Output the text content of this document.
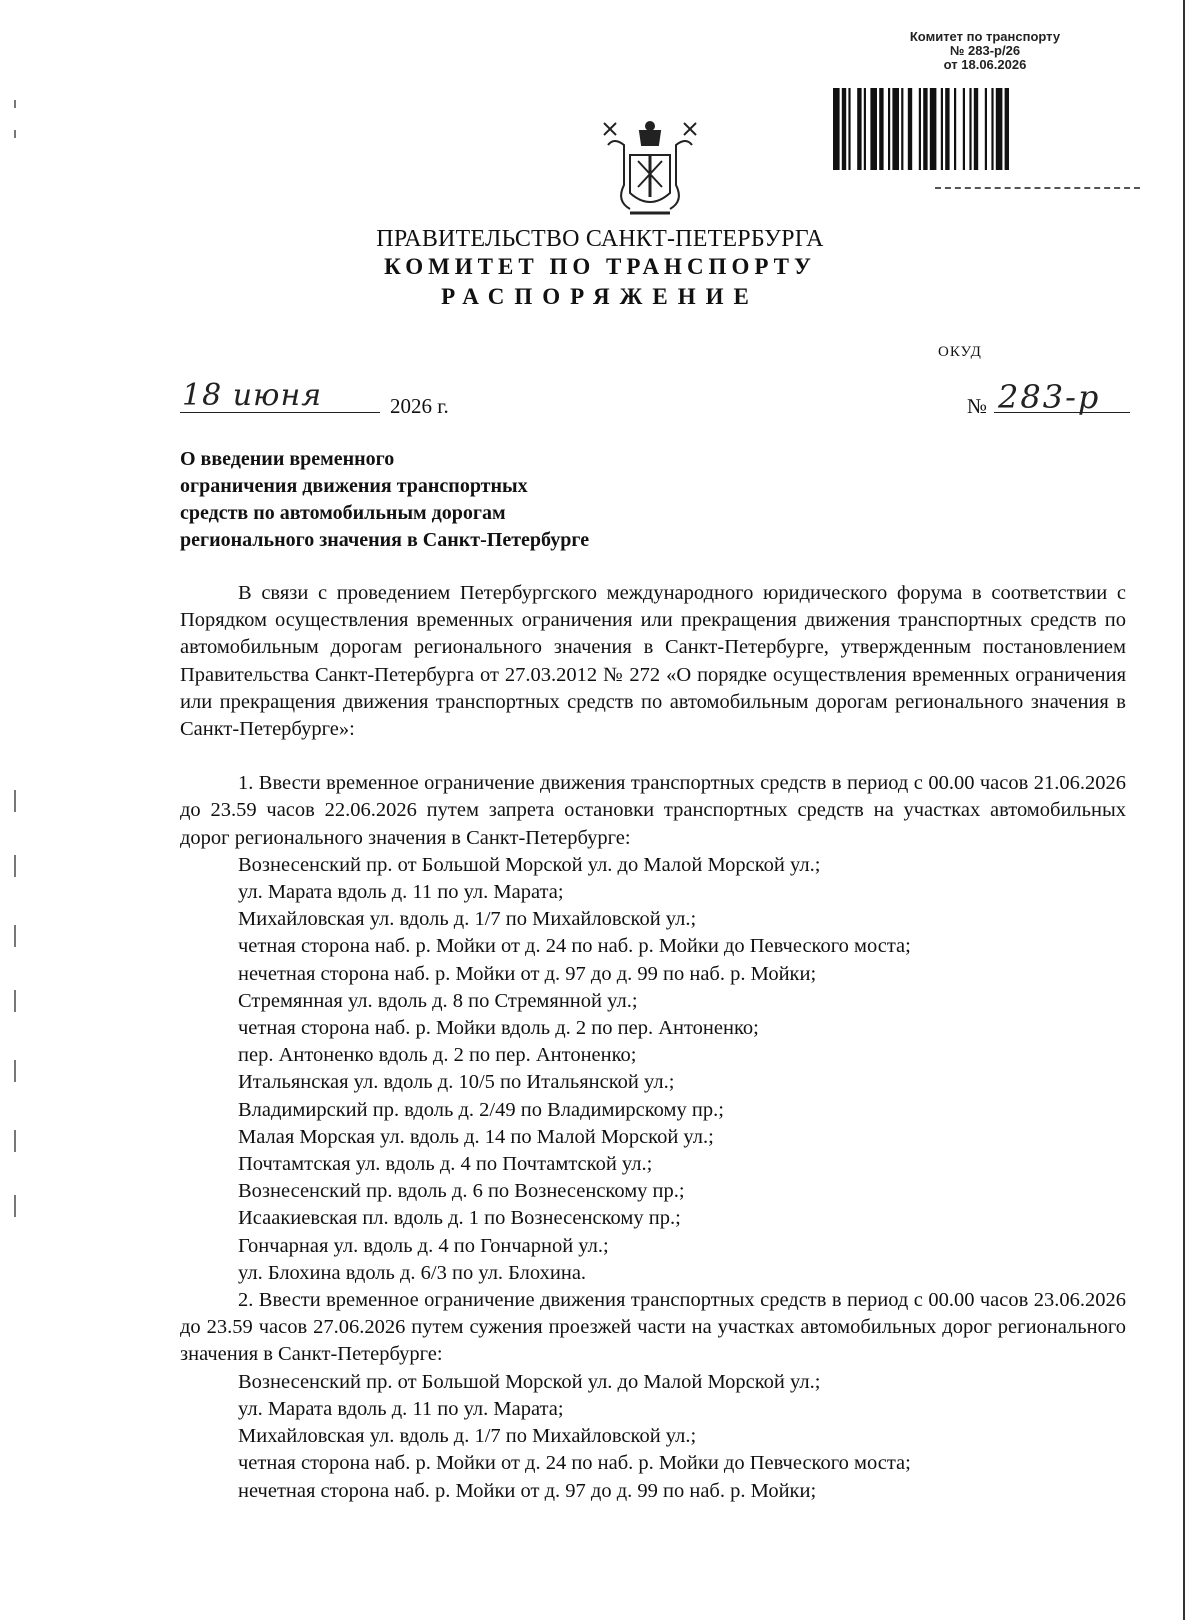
Комитет по транспорту
№ 283-р/26
от 18.06.2026
ПРАВИТЕЛЬСТВО САНКТ-ПЕТЕРБУРГА
КОМИТЕТ ПО ТРАНСПОРТУ
РАСПОРЯЖЕНИЕ
ОКУД
18 июня	2026 г.	№ 283-р
О введении временного
ограничения движения транспортных
средств по автомобильным дорогам
регионального значения в Санкт-Петербурге

В связи с проведением Петербургского международного юридического форума в соответствии с Порядком осуществления временных ограничения или прекращения движения транспортных средств по автомобильным дорогам регионального значения в Санкт-Петербурге, утвержденным постановлением Правительства Санкт-Петербурга от 27.03.2012 № 272 «О порядке осуществления временных ограничения или прекращения движения транспортных средств по автомобильным дорогам регионального значения в Санкт-Петербурге»:

1. Ввести временное ограничение движения транспортных средств в период с 00.00 часов 21.06.2026 до 23.59 часов 22.06.2026 путем запрета остановки транспортных средств на участках автомобильных дорог регионального значения в Санкт-Петербурге:

Вознесенский пр. от Большой Морской ул. до Малой Морской ул.;
ул. Марата вдоль д. 11 по ул. Марата;
Михайловская ул. вдоль д. 1/7 по Михайловской ул.;
четная сторона наб. р. Мойки от д. 24 по наб. р. Мойки до Певческого моста;
нечетная сторона наб. р. Мойки от д. 97 до д. 99 по наб. р. Мойки;
Стремянная ул. вдоль д. 8 по Стремянной ул.;
четная сторона наб. р. Мойки вдоль д. 2 по пер. Антоненко;
пер. Антоненко вдоль д. 2 по пер. Антоненко;
Итальянская ул. вдоль д. 10/5 по Итальянской ул.;
Владимирский пр. вдоль д. 2/49 по Владимирскому пр.;
Малая Морская ул. вдоль д. 14 по Малой Морской ул.;
Почтамтская ул. вдоль д. 4 по Почтамтской ул.;
Вознесенский пр. вдоль д. 6 по Вознесенскому пр.;
Исаакиевская пл. вдоль д. 1 по Вознесенскому пр.;
Гончарная ул. вдоль д. 4 по Гончарной ул.;
ул. Блохина вдоль д. 6/3 по ул. Блохина.

2. Ввести временное ограничение движения транспортных средств в период с 00.00 часов 23.06.2026 до 23.59 часов 27.06.2026 путем сужения проезжей части на участках автомобильных дорог регионального значения в Санкт-Петербурге:

Вознесенский пр. от Большой Морской ул. до Малой Морской ул.;
ул. Марата вдоль д. 11 по ул. Марата;
Михайловская ул. вдоль д. 1/7 по Михайловской ул.;
четная сторона наб. р. Мойки от д. 24 по наб. р. Мойки до Певческого моста;
нечетная сторона наб. р. Мойки от д. 97 до д. 99 по наб. р. Мойки;
